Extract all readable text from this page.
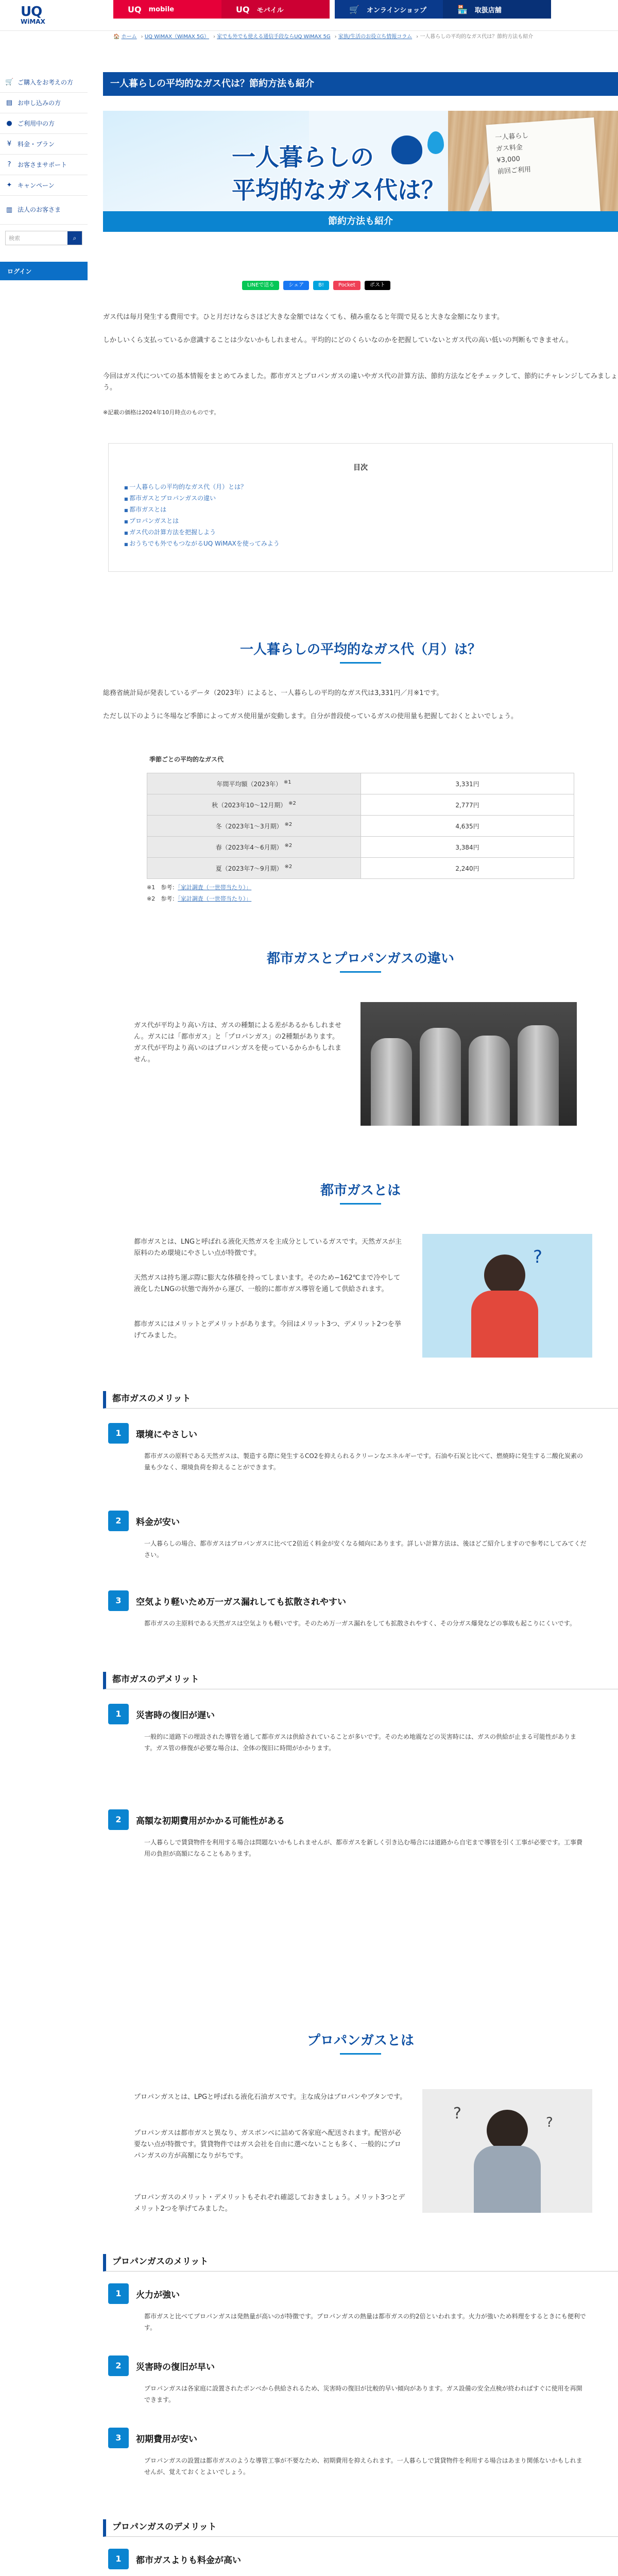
UQ
WiMAX
UQ mobile	UQ モバイル	🛒 オンラインショップ	🏪 取扱店舗
🏠 ホーム › UQ WiMAX（WiMAX 5G） › 家でも外でも使える通信手段ならUQ WiMAX 5G › 家族/生活のお役立ち情報コラム › 一人暮らしの平均的なガス代は？節約方法も紹介
🛒 ご購入をお考えの方
▤ お申し込みの方
● ご利用中の方
¥ 料金・プラン
?	お客さまサポート
✦ キャンペーン
▥ 法人のお客さま
検索	⌕
ログイン
一人暮らしの平均的なガス代は？節約方法も紹介
一人暮らし
ガス料金
¥3,000
前回ご利用
一人暮らしの
平均的なガス代は？
節約方法も紹介
LINEで送る	シェア	B!	Pocket	ポスト
ガス代は毎月発生する費用です。ひと月だけならさほど大きな金額ではなくても、積み重なると年間で見ると大きな金額になります。
しかしいくら支払っているか意識することは少ないかもしれません。平均的にどのくらいなのかを把握していないとガス代の高い低いの判断もできません。
今回はガス代についての基本情報をまとめてみました。都市ガスとプロパンガスの違いやガス代の計算方法、節約方法などをチェックして、節約にチャレンジしてみましょう。
※記載の価格は2024年10月時点のものです。
目次
■ 一人暮らしの平均的なガス代（月）とは？
■ 都市ガスとプロパンガスの違い
■ 都市ガスとは
■ プロパンガスとは
■ ガス代の計算方法を把握しよう
■ おうちでも外でもつながるUQ WiMAXを使ってみよう
一人暮らしの平均的なガス代（月）は？
総務省統計局が発表しているデータ（2023年）によると、一人暮らしの平均的なガス代は3,331円／月※1です。
ただし以下のように冬場など季節によってガス使用量が変動します。自分が普段使っているガスの使用量も把握しておくとよいでしょう。
季節ごとの平均的なガス代
年間平均額（2023年） $^{※1}$	3,331円
秋（2023年10〜12月期） $^{※2}$	2,777円
冬（2023年1〜3月期） $^{※2}$	4,635円
春（2023年4〜6月期） $^{※2}$	3,384円
夏（2023年7〜9月期） $^{※2}$	2,240円
※1　 参考：「家計調査（一世帯当たり）」
※2　 参考：「家計調査（一世帯当たり）」
都市ガスとプロパンガスの違い
ガス代が平均より高い方は、ガスの種類による差があるかもしれません。ガスには「都市ガス」と「プロパンガス」の2種類があります。ガス代が平均より高いのはプロパンガスを使っているからかもしれません。
都市ガスとは
都市ガスとは、LNGと呼ばれる液化天然ガスを主成分としているガスです。天然ガスが主原料のため環境にやさしい点が特徴です。
天然ガスは持ち運ぶ際に膨大な体積を持ってしまいます。そのため−162℃まで冷やして液化したLNGの状態で海外から運び、一般的に都市ガス導管を通して供給されます。
都市ガスにはメリットとデメリットがあります。今回はメリット3つ、デメリット2つを挙げてみました。
?
都市ガスのメリット
1	環境にやさしい
都市ガスの原料である天然ガスは、製造する際に発生するCO2を抑えられるクリーンなエネルギーです。石油や石炭と比べて、燃焼時に発生する二酸化炭素の量も少なく、環境負荷を抑えることができます。
2	料金が安い
一人暮らしの場合、都市ガスはプロパンガスに比べて2倍近く料金が安くなる傾向にあります。詳しい計算方法は、後ほどご紹介しますので参考にしてみてください。
3	空気より軽いため万一ガス漏れしても拡散されやすい
都市ガスの主原料である天然ガスは空気よりも軽いです。そのため万一ガス漏れをしても拡散されやすく、その分ガス爆発などの事故も起こりにくいです。
都市ガスのデメリット
1	災害時の復旧が遅い
一般的に道路下の埋設された導管を通して都市ガスは供給されていることが多いです。そのため地震などの災害時には、ガスの供給が止まる可能性があります。ガス管の修復が必要な場合は、全体の復旧に時間がかかります。
2	高額な初期費用がかかる可能性がある
一人暮らしで賃貸物件を利用する場合は問題ないかもしれませんが、都市ガスを新しく引き込む場合には道路から自宅まで導管を引く工事が必要です。工事費用の負担が高額になることもあります。
プロパンガスとは
プロパンガスとは、LPGと呼ばれる液化石油ガスです。主な成分はプロパンやブタンです。
プロパンガスは都市ガスと異なり、ガスボンベに詰めて各家庭へ配送されます。配管が必要ない点が特徴です。賃貸物件ではガス会社を自由に選べないことも多く、一般的にプロパンガスの方が高額になりがちです。
プロパンガスのメリット・デメリットもそれぞれ確認しておきましょう。メリット3つとデメリット2つを挙げてみました。
?	?
プロパンガスのメリット
1	火力が強い
都市ガスと比べてプロパンガスは発熱量が高いのが特徴です。プロパンガスの熱量は都市ガスの約2倍といわれます。火力が強いため料理をするときにも便利です。
2	災害時の復旧が早い
プロパンガスは各家庭に設置されたボンベから供給されるため、災害時の復旧が比較的早い傾向があります。ガス設備の安全点検が終わればすぐに使用を再開できます。
3	初期費用が安い
プロパンガスの設置は都市ガスのような導管工事が不要なため、初期費用を抑えられます。一人暮らしで賃貸物件を利用する場合はあまり関係ないかもしれませんが、覚えておくとよいでしょう。
プロパンガスのデメリット
1	都市ガスよりも料金が高い
